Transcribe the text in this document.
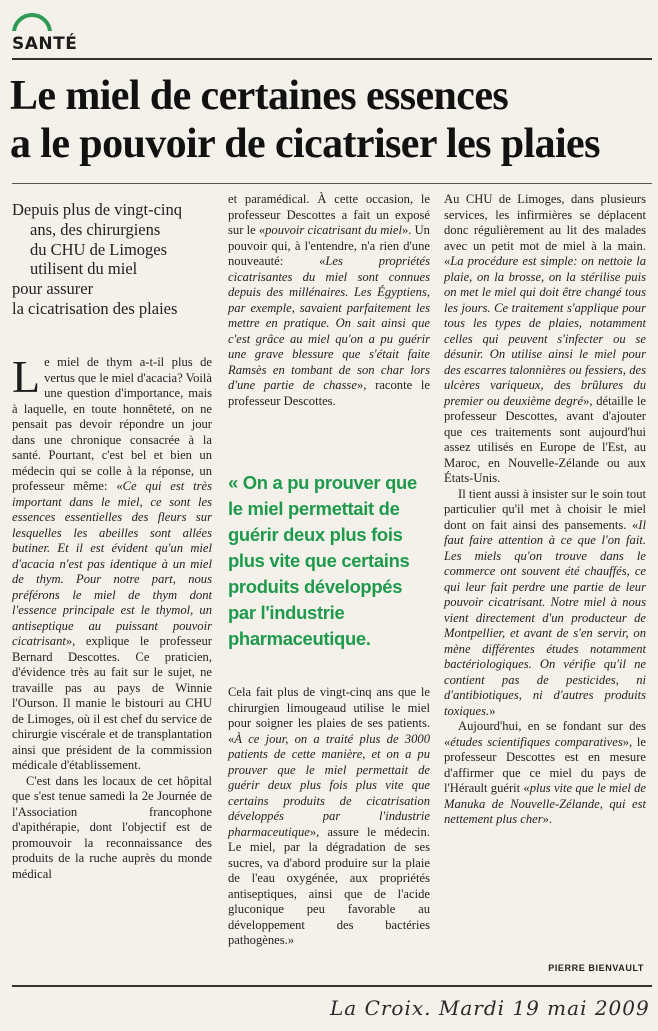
SANTÉ
Le miel de certaines essences
a le pouvoir de cicatriser les plaies
Depuis plus de vingt-cinq
ans, des chirurgiens
du CHU de Limoges
utilisent du miel
pour assurer
la cicatrisation des plaies

Le miel de thym a-t-il plus de vertus que le miel d'acacia? Voilà une question d'importance, mais à laquelle, en toute honnêteté, on ne pensait pas devoir répondre un jour dans une chronique consacrée à la santé. Pourtant, c'est bel et bien un médecin qui se colle à la réponse, un professeur même: «Ce qui est très important dans le miel, ce sont les essences essentielles des fleurs sur lesquelles les abeilles sont allées butiner. Et il est évident qu'un miel d'acacia n'est pas identique à un miel de thym. Pour notre part, nous préférons le miel de thym dont l'essence principale est le thymol, un antiseptique au puissant pouvoir cicatrisant», explique le professeur Bernard Descottes. Ce praticien, d'évidence très au fait sur le sujet, ne travaille pas au pays de Winnie l'Ourson. Il manie le bistouri au CHU de Limoges, où il est chef du service de chirurgie viscérale et de transplantation ainsi que président de la commission médicale d'établissement.

C'est dans les locaux de cet hôpital que s'est tenue samedi la 2e Journée de l'Association francophone d'apithérapie, dont l'objectif est de promouvoir la reconnaissance des produits de la ruche auprès du monde médical

et paramédical. À cette occasion, le professeur Descottes a fait un exposé sur le «pouvoir cicatrisant du miel». Un pouvoir qui, à l'entendre, n'a rien d'une nouveauté: «Les propriétés cicatrisantes du miel sont connues depuis des millénaires. Les Égyptiens, par exemple, savaient parfaitement les mettre en pratique. On sait ainsi que c'est grâce au miel qu'on a pu guérir une grave blessure que s'était faite Ramsès en tombant de son char lors d'une partie de chasse», raconte le professeur Descottes.

« On a pu prouver que
le miel permettait de
guérir deux plus fois
plus vite que certains
produits développés
par l'industrie
pharmaceutique.

Cela fait plus de vingt-cinq ans que le chirurgien limougeaud utilise le miel pour soigner les plaies de ses patients. «À ce jour, on a traité plus de 3000 patients de cette manière, et on a pu prouver que le miel permettait de guérir deux plus fois plus vite que certains produits de cicatrisation développés par l'industrie pharmaceutique», assure le médecin. Le miel, par la dégradation de ses sucres, va d'abord produire sur la plaie de l'eau oxygénée, aux propriétés antiseptiques, ainsi que de l'acide gluconique peu favorable au développement des bactéries pathogènes.»

Au CHU de Limoges, dans plusieurs services, les infirmières se déplacent donc régulièrement au lit des malades avec un petit mot de miel à la main. «La procédure est simple: on nettoie la plaie, on la brosse, on la stérilise puis on met le miel qui doit être changé tous les jours. Ce traitement s'applique pour tous les types de plaies, notamment celles qui peuvent s'infecter ou se désunir. On utilise ainsi le miel pour des escarres talonnières ou fessiers, des ulcères variqueux, des brûlures du premier ou deuxième degré», détaille le professeur Descottes, avant d'ajouter que ces traitements sont aujourd'hui assez utilisés en Europe de l'Est, au Maroc, en Nouvelle-Zélande ou aux États-Unis.

Il tient aussi à insister sur le soin tout particulier qu'il met à choisir le miel dont on fait ainsi des pansements. «Il faut faire attention à ce que l'on fait. Les miels qu'on trouve dans le commerce ont souvent été chauffés, ce qui leur fait perdre une partie de leur pouvoir cicatrisant. Notre miel à nous vient directement d'un producteur de Montpellier, et avant de s'en servir, on mène différentes études notamment bactériologiques. On vérifie qu'il ne contient pas de pesticides, ni d'antibiotiques, ni d'autres produits toxiques.»

Aujourd'hui, en se fondant sur des «études scientifiques comparatives», le professeur Descottes est en mesure d'affirmer que ce miel du pays de l'Hérault guérit «plus vite que le miel de Manuka de Nouvelle-Zélande, qui est nettement plus cher».

PIERRE BIENVAULT
La Croix. Mardi 19 mai 2009
